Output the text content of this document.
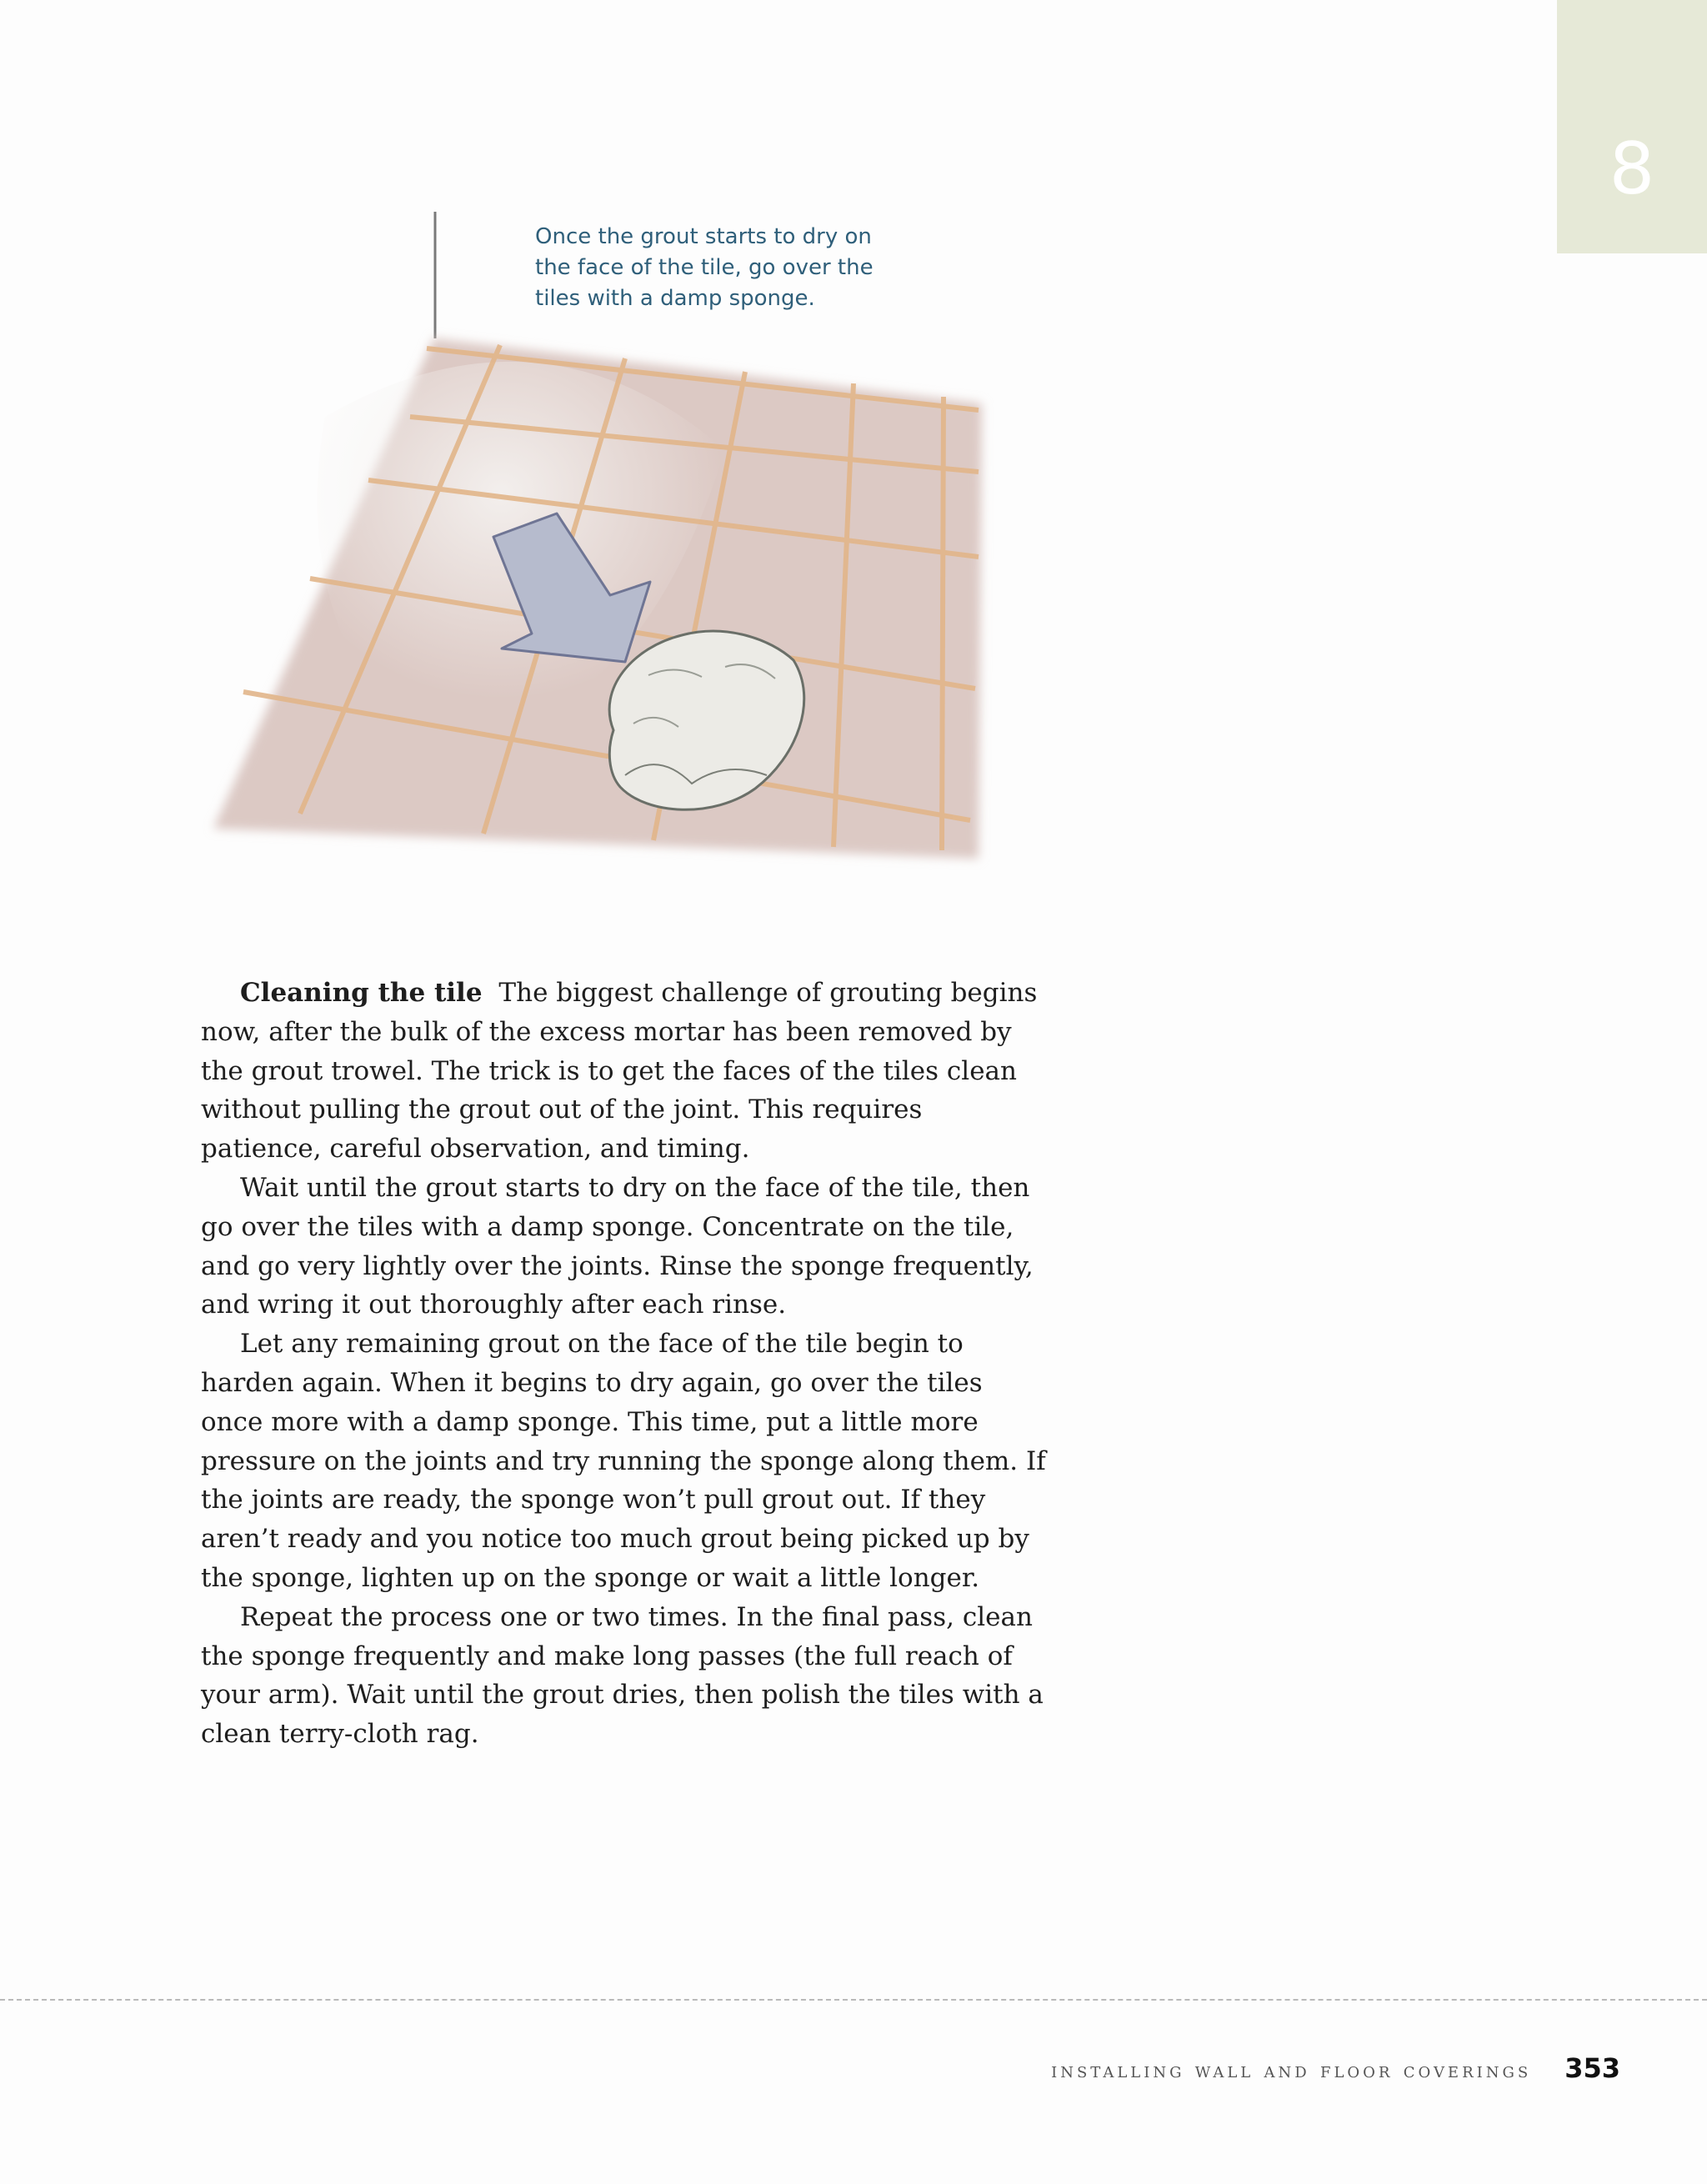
8
Once the grout starts to dry on the face of the tile, go over the tiles with a damp sponge.

Cleaning the tile The biggest challenge of grouting begins now, after the bulk of the excess mortar has been removed by the grout trowel. The trick is to get the faces of the tiles clean without pulling the grout out of the joint. This requires patience, careful observation, and timing.

Wait until the grout starts to dry on the face of the tile, then go over the tiles with a damp sponge. Concentrate on the tile, and go very lightly over the joints. Rinse the sponge frequently, and wring it out thoroughly after each rinse.

Let any remaining grout on the face of the tile begin to harden again. When it begins to dry again, go over the tiles once more with a damp sponge. This time, put a little more pressure on the joints and try running the sponge along them. If the joints are ready, the sponge won’t pull grout out. If they aren’t ready and you notice too much grout being picked up by the sponge, lighten up on the sponge or wait a little longer.

Repeat the process one or two times. In the final pass, clean the sponge frequently and make long passes (the full reach of your arm). Wait until the grout dries, then polish the tiles with a clean terry-cloth rag.

installing wall and floor coverings 353
